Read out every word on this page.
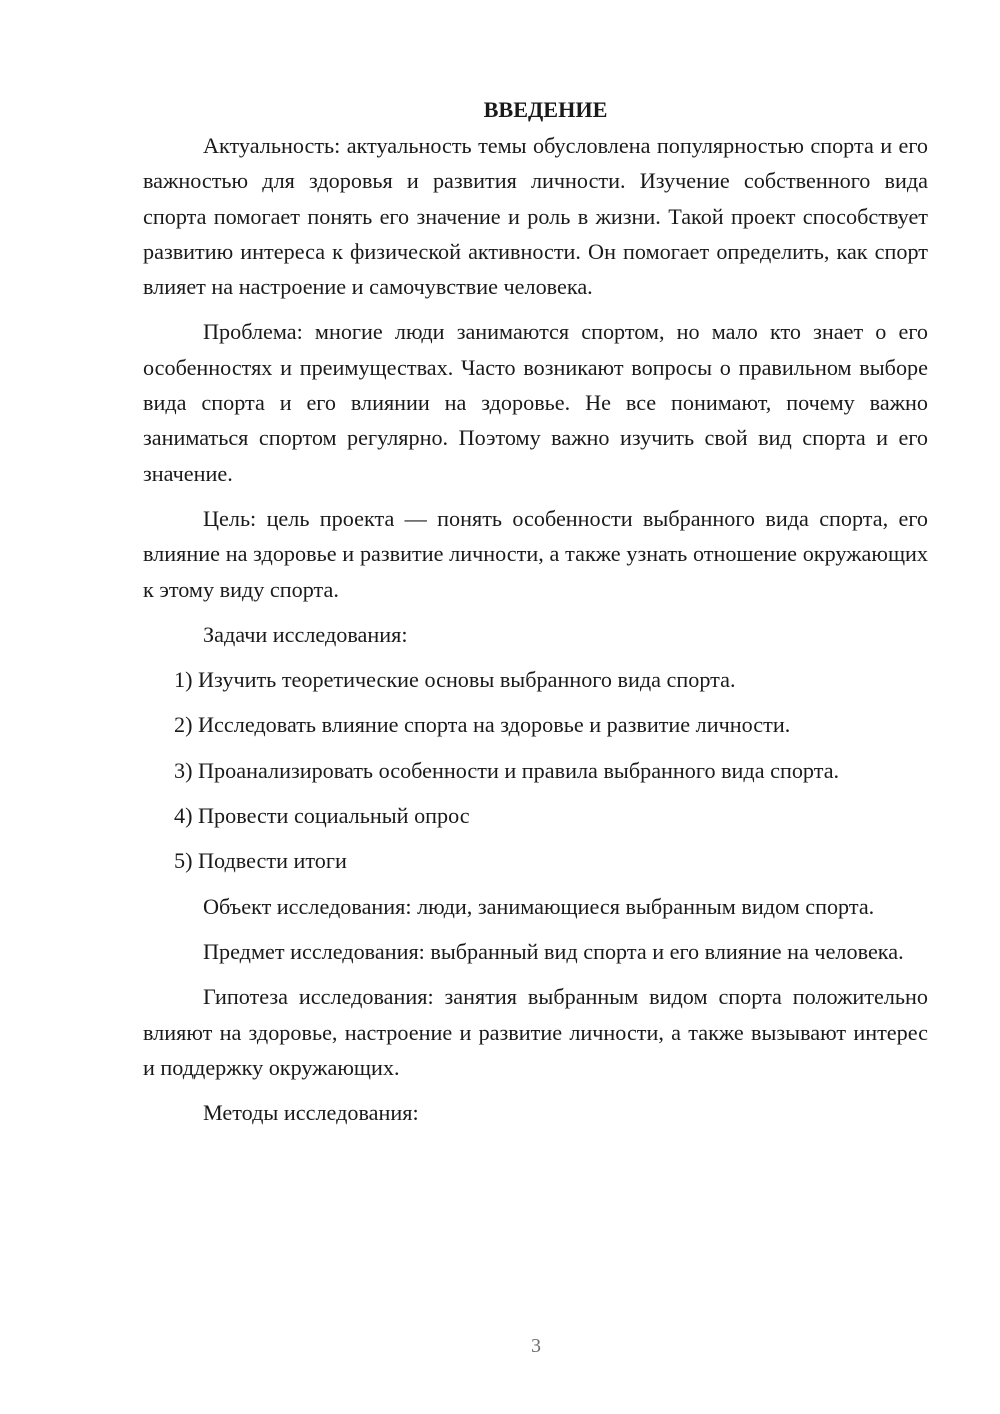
ВВЕДЕНИЕ

Актуальность: актуальность темы обусловлена популярностью спорта и его важностью для здоровья и развития личности. Изучение собственного вида спорта помогает понять его значение и роль в жизни. Такой проект способствует развитию интереса к физической активности. Он помогает определить, как спорт влияет на настроение и самочувствие человека.

Проблема: многие люди занимаются спортом, но мало кто знает о его особенностях и преимуществах. Часто возникают вопросы о правильном выборе вида спорта и его влиянии на здоровье. Не все понимают, почему важно заниматься спортом регулярно. Поэтому важно изучить свой вид спорта и его значение.

Цель: цель проекта — понять особенности выбранного вида спорта, его влияние на здоровье и развитие личности, а также узнать отношение окружающих к этому виду спорта.

Задачи исследования:

1) Изучить теоретические основы выбранного вида спорта.

2) Исследовать влияние спорта на здоровье и развитие личности.

3) Проанализировать особенности и правила выбранного вида спорта.

4) Провести социальный опрос

5) Подвести итоги

Объект исследования: люди, занимающиеся выбранным видом спорта.

Предмет исследования: выбранный вид спорта и его влияние на человека.

Гипотеза исследования: занятия выбранным видом спорта положительно влияют на здоровье, настроение и развитие личности, а также вызывают интерес и поддержку окружающих.

Методы исследования:

3
